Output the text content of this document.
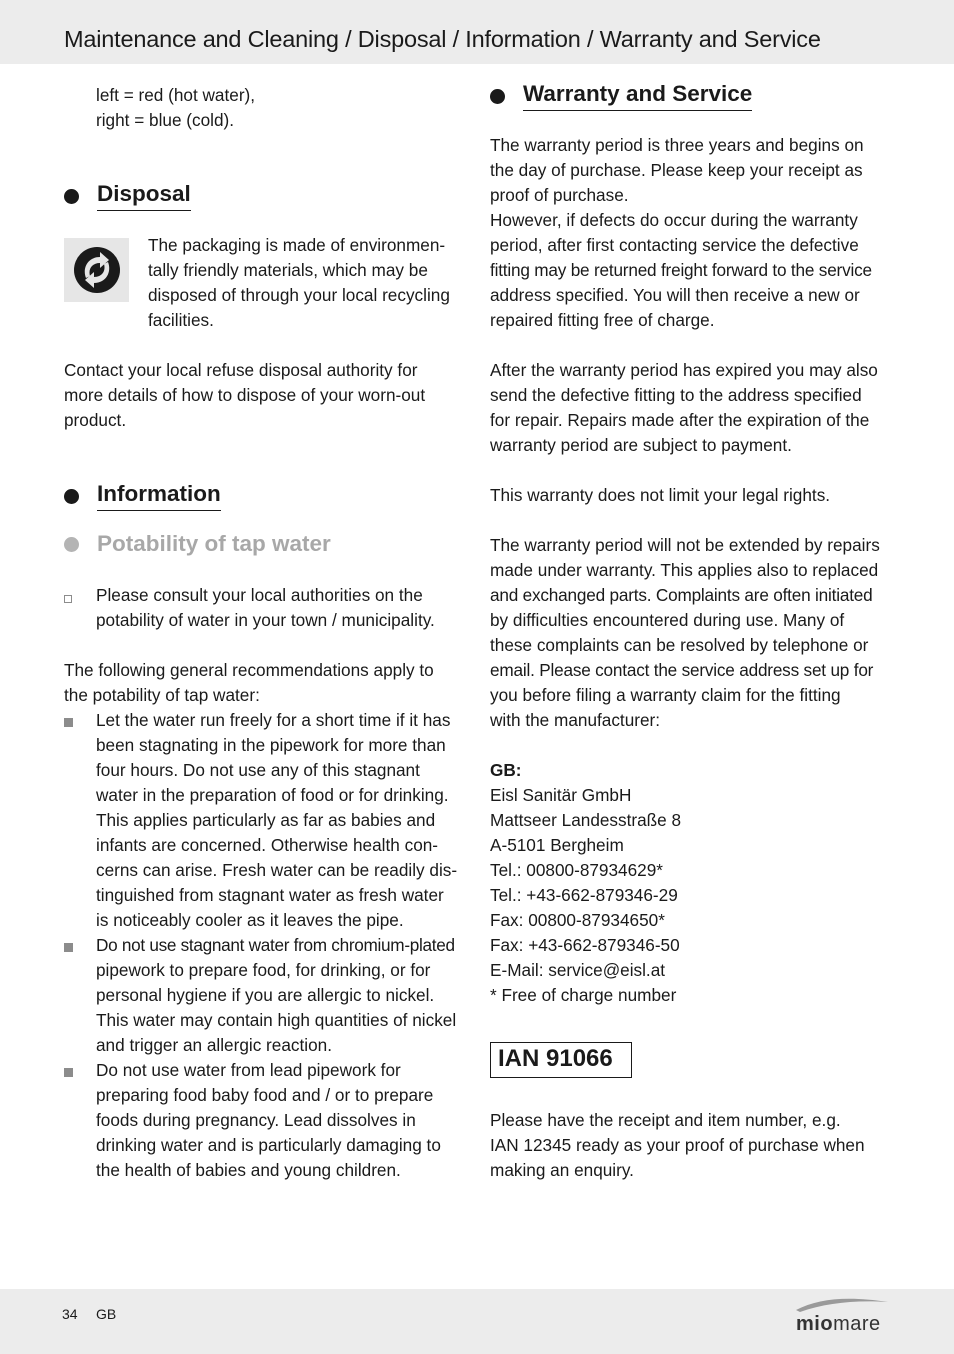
Maintenance and Cleaning / Disposal / Information / Warranty and Service
left = red (hot water),
right = blue (cold).
Disposal
The packaging is made of environmen-
tally friendly materials, which may be
disposed of through your local recycling
facilities.
Contact your local refuse disposal authority for
more details of how to dispose of your worn-out
product.
Information
Potability of tap water
Please consult your local authorities on the
potability of water in your town / municipality.
The following general recommendations apply to
the potability of tap water:
Let the water run freely for a short time if it has
been stagnating in the pipework for more than
four hours. Do not use any of this stagnant
water in the preparation of food or for drinking.
This applies particularly as far as babies and
infants are concerned. Otherwise health con-
cerns can arise. Fresh water can be readily dis-
tinguished from stagnant water as fresh water
is noticeably cooler as it leaves the pipe.
Do not use stagnant water from chromium-plated
pipework to prepare food, for drinking, or for
personal hygiene if you are allergic to nickel.
This water may contain high quantities of nickel
and trigger an allergic reaction.
Do not use water from lead pipework for
preparing food baby food and / or to prepare
foods during pregnancy. Lead dissolves in
drinking water and is particularly damaging to
the health of babies and young children.
Warranty and Service
The warranty period is three years and begins on
the day of purchase. Please keep your receipt as
proof of purchase.
However, if defects do occur during the warranty
period, after first contacting service the defective
fitting may be returned freight forward to the service
address specified. You will then receive a new or
repaired fitting free of charge.
After the warranty period has expired you may also
send the defective fitting to the address specified
for repair. Repairs made after the expiration of the
warranty period are subject to payment.
This warranty does not limit your legal rights.
The warranty period will not be extended by repairs
made under warranty. This applies also to replaced
and exchanged parts. Complaints are often initiated
by difficulties encountered during use. Many of
these complaints can be resolved by telephone or
email. Please contact the service address set up for
you before filing a warranty claim for the fitting
with the manufacturer:
GB:
Eisl Sanitär GmbH
Mattseer Landesstraße 8
A-5101 Bergheim
Tel.: 00800-87934629*
Tel.: +43-662-879346-29
Fax: 00800-87934650*
Fax: +43-662-879346-50
E-Mail: service@eisl.at
* Free of charge number
IAN 91066
Please have the receipt and item number, e.g.
IAN 12345 ready as your proof of purchase when
making an enquiry.
34 GB	miomare
